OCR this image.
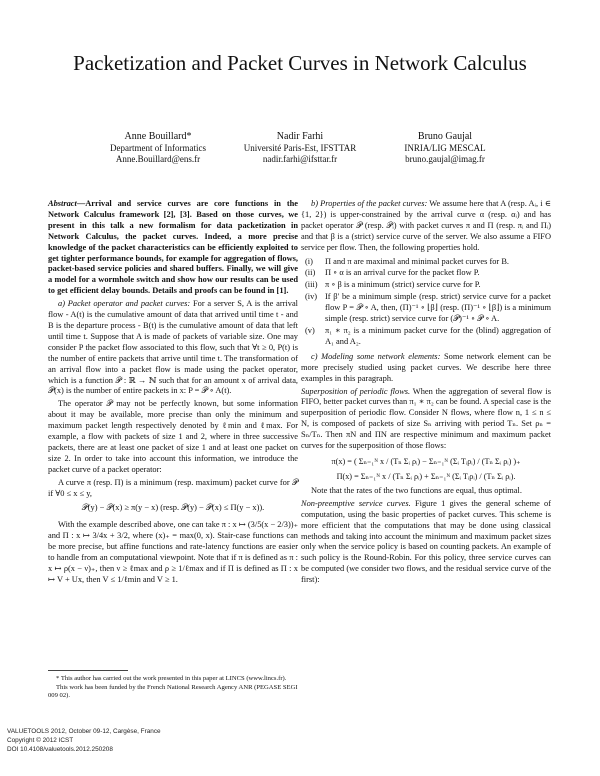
Packetization and Packet Curves in Network Calculus
Anne Bouillard*
Department of Informatics
Anne.Bouillard@ens.fr
Nadir Farhi
Université Paris-Est, IFSTTAR
nadir.farhi@ifsttar.fr
Bruno Gaujal
INRIA/LIG MESCAL
bruno.gaujal@imag.fr

Abstract—Arrival and service curves are core functions in the Network Calculus framework [2], [3]. Based on those curves, we present in this talk a new formalism for data packetization in Network Calculus, the packet curves. Indeed, a more precise knowledge of the packet characteristics can be efficiently exploited to get tighter performance bounds, for example for aggregation of flows, packet-based service policies and shared buffers. Finally, we will give a model for a wormhole switch and show how our results can be used to get efficient delay bounds. Details and proofs can be found in [1].

a) Packet operator and packet curves: For a server S, A is the arrival flow - A(t) is the cumulative amount of data that arrived until time t - and B is the departure process - B(t) is the cumulative amount of data that left until time t. Suppose that A is made of packets of variable size. One may consider P the packet flow associated to this flow, such that ∀t ≥ 0, P(t) is the number of entire packets that arrive until time t. The transformation of an arrival flow into a packet flow is made using the packet operator, which is a function 𝒫 : ℝ → ℕ such that for an amount x of arrival data, 𝒫(x) is the number of entire packets in x: P = 𝒫 ∘ A(t).

The operator 𝒫 may not be perfectly known, but some information about it may be available, more precise than only the minimum and maximum packet length respectively denoted by ℓmin and ℓmax. For example, a flow with packets of size 1 and 2, where in three successive packets, there are at least one packet of size 1 and at least one packet on size 2. In order to take into account this information, we introduce the packet curve of a packet operator:

A curve π (resp. Π) is a minimum (resp. maximum) packet curve for 𝒫 if ∀0 ≤ x ≤ y,

𝒫(y) − 𝒫(x) ≥ π(y − x) (resp. 𝒫(y) − 𝒫(x) ≤ Π(y − x)).

With the example described above, one can take π : x ↦ (3/5(x − 2/3))₊ and Π : x ↦ 3/4x + 3/2, where (x)₊ = max(0, x). Stair-case functions can be more precise, but affine functions and rate-latency functions are easier to handle from an computational viewpoint. Note that if π is defined as π : x ↦ ρ(x − ν)₊, then ν ≥ ℓmax and ρ ≥ 1/ℓmax and if Π is defined as Π : x ↦ V + Ux, then V ≤ 1/ℓmin and V ≥ 1.

* This author has carried out the work presented in this paper at LINCS (www.lincs.fr).

This work has been funded by the French National Research Agency ANR (PEGASE SEGI 009 02).

VALUETOOLS 2012, October 09-12, Cargèse, France
Copyright © 2012 ICST
DOI 10.4108/valuetools.2012.250208

b) Properties of the packet curves: We assume here that A (resp. Aᵢ, i ∈ {1, 2}) is upper-constrained by the arrival curve α (resp. αᵢ) and has packet operator 𝒫 (resp. 𝒫ᵢ) with packet curves π and Π (resp. πᵢ and Πᵢ) and that β is a (strict) service curve of the server. We also assume a FIFO service per flow. Then, the following properties hold.

(i) Π and π are maximal and minimal packet curves for B.
(ii) Π ∘ α is an arrival curve for the packet flow P.
(iii) π ∘ β is a minimum (strict) service curve for P.
(iv) If β′ be a minimum simple (resp. strict) service curve for a packet flow P = 𝒫 ∘ A, then, (Π)⁻¹ ∘ ⌊β⌋ (resp. (Π)⁻¹ ∘ ⌊β⌋) is a minimum simple (resp. strict) service curve for (𝒫)⁻¹ ∘ 𝒫 ∘ A.
(v) π₁ ∗ π₂ is a minimum packet curve for the (blind) aggregation of A₁ and A₂.

c) Modeling some network elements: Some network element can be more precisely studied using packet curves. We describe here three examples in this paragraph.

Superposition of periodic flows. When the aggregation of several flow is FIFO, better packet curves than π₁ ∗ π₂ can be found. A special case is the superposition of periodic flow. Consider N flows, where flow n, 1 ≤ n ≤ N, is composed of packets of size Sₙ arriving with period Tₙ. Set ρₙ = Sₙ/Tₙ. Then πN and ΠN are respective minimum and maximum packet curves for the superposition of those flows:

π(x) = ( Σₙ₌₁ᴺ x / (Tₙ Σᵢ ρᵢ) − Σₙ₌₁ᴺ (Σᵢ Tᵢρᵢ) / (Tₙ Σᵢ ρᵢ) )₊
Π(x) = Σₙ₌₁ᴺ x / (Tₙ Σᵢ ρᵢ) + Σₙ₌₁ᴺ (Σᵢ Tᵢρᵢ) / (Tₙ Σᵢ ρᵢ).

Note that the rates of the two functions are equal, thus optimal.

Non-preemptive service curves. Figure 1 gives the general scheme of computation, using the basic properties of packet curves. This scheme is more efficient that the computations that may be done using classical methods and taking into account the minimum and maximum packet sizes only when the service policy is based on counting packets. An example of such policy is the Round-Robin. For this policy, three service curves can be computed (we consider two flows, and the residual service curve of the first):
